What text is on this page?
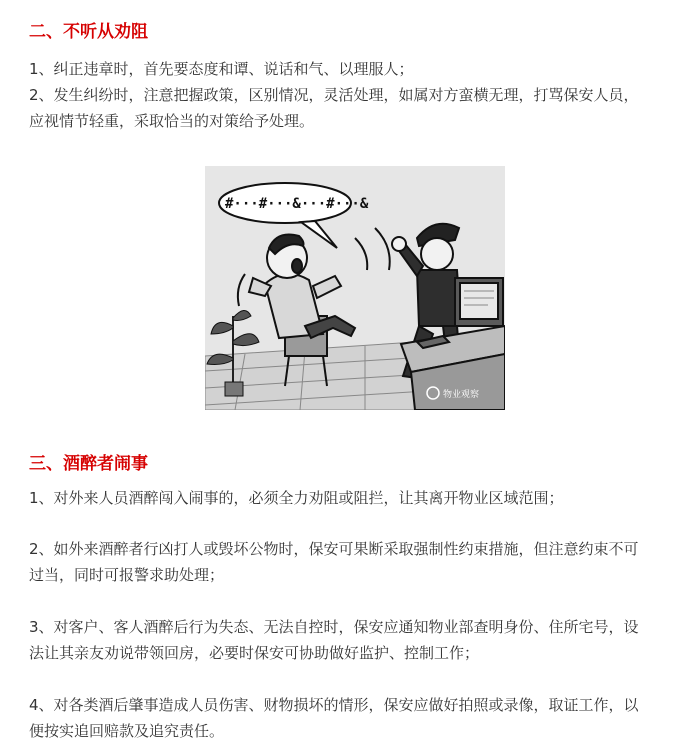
二、不听从劝阻

1、纠正违章时，首先要态度和谭、说话和气、以理服人；

2、发生纠纷时，注意把握政策，区别情况，灵活处理，如属对方蛮横无理，打骂保安人员，
应视情节轻重，采取恰当的对策给予处理。

#···#···&···#···&
物业观察
三、酒醉者闹事

1、对外来人员酒醉闯入闹事的，必须全力劝阻或阻拦，让其离开物业区域范围；

2、如外来酒醉者行凶打人或毁坏公物时，保安可果断采取强制性约束措施，但注意约束不可
过当，同时可报警求助处理；

3、对客户、客人酒醉后行为失态、无法自控时，保安应通知物业部查明身份、住所宅号，设
法让其亲友劝说带领回房，必要时保安可协助做好监护、控制工作；

4、对各类酒后肇事造成人员伤害、财物损坏的情形，保安应做好拍照或录像，取证工作，以
便按实追回赔款及追究责任。
